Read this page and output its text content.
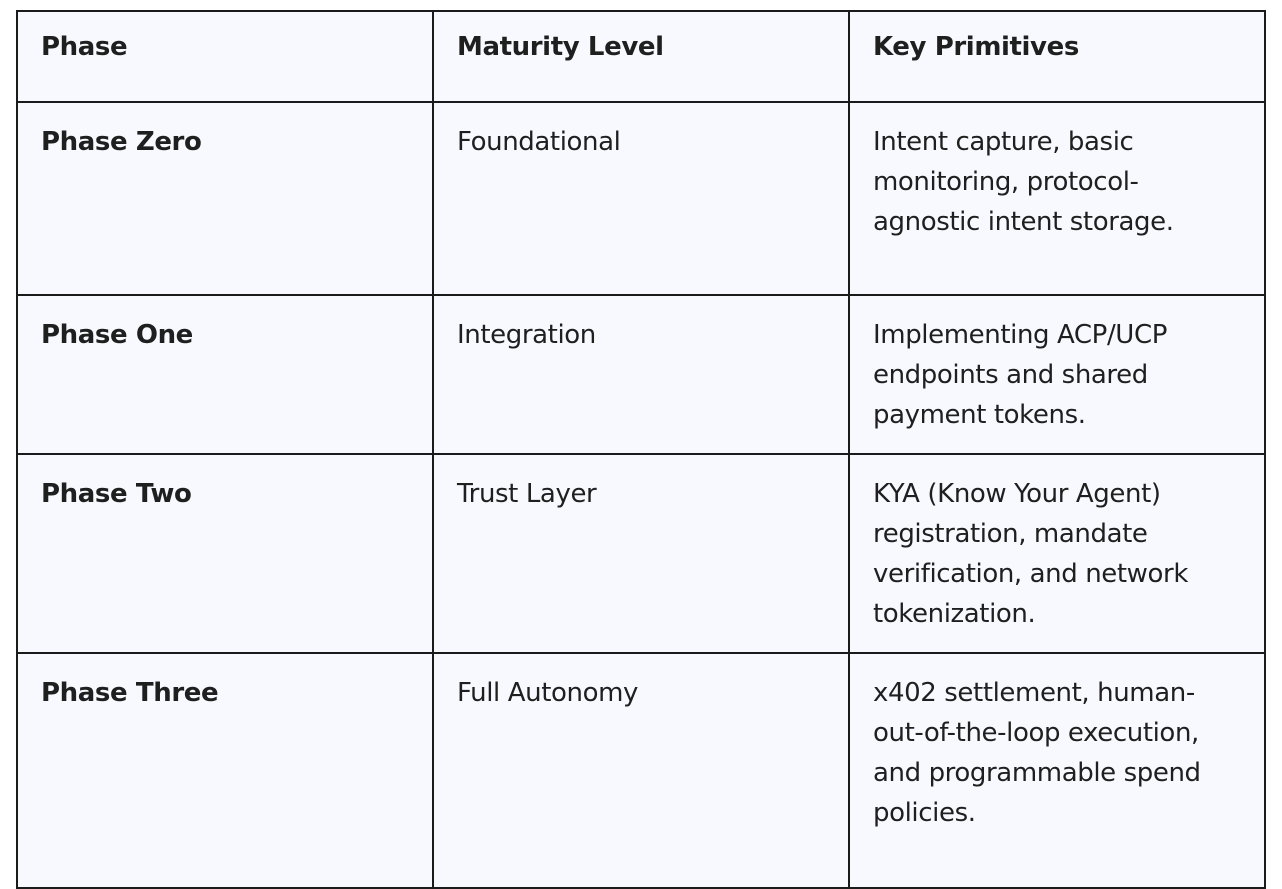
Phase	Maturity Level	Key Primitives
Phase Zero	Foundational	Intent capture, basic monitoring, protocol-agnostic intent storage.
Phase One	Integration	Implementing ACP/UCP endpoints and shared payment tokens.
Phase Two	Trust Layer	KYA (Know Your Agent) registration, mandate verification, and network tokenization.
Phase Three	Full Autonomy	x402 settlement, human-out-of-the-loop execution, and programmable spend policies.
